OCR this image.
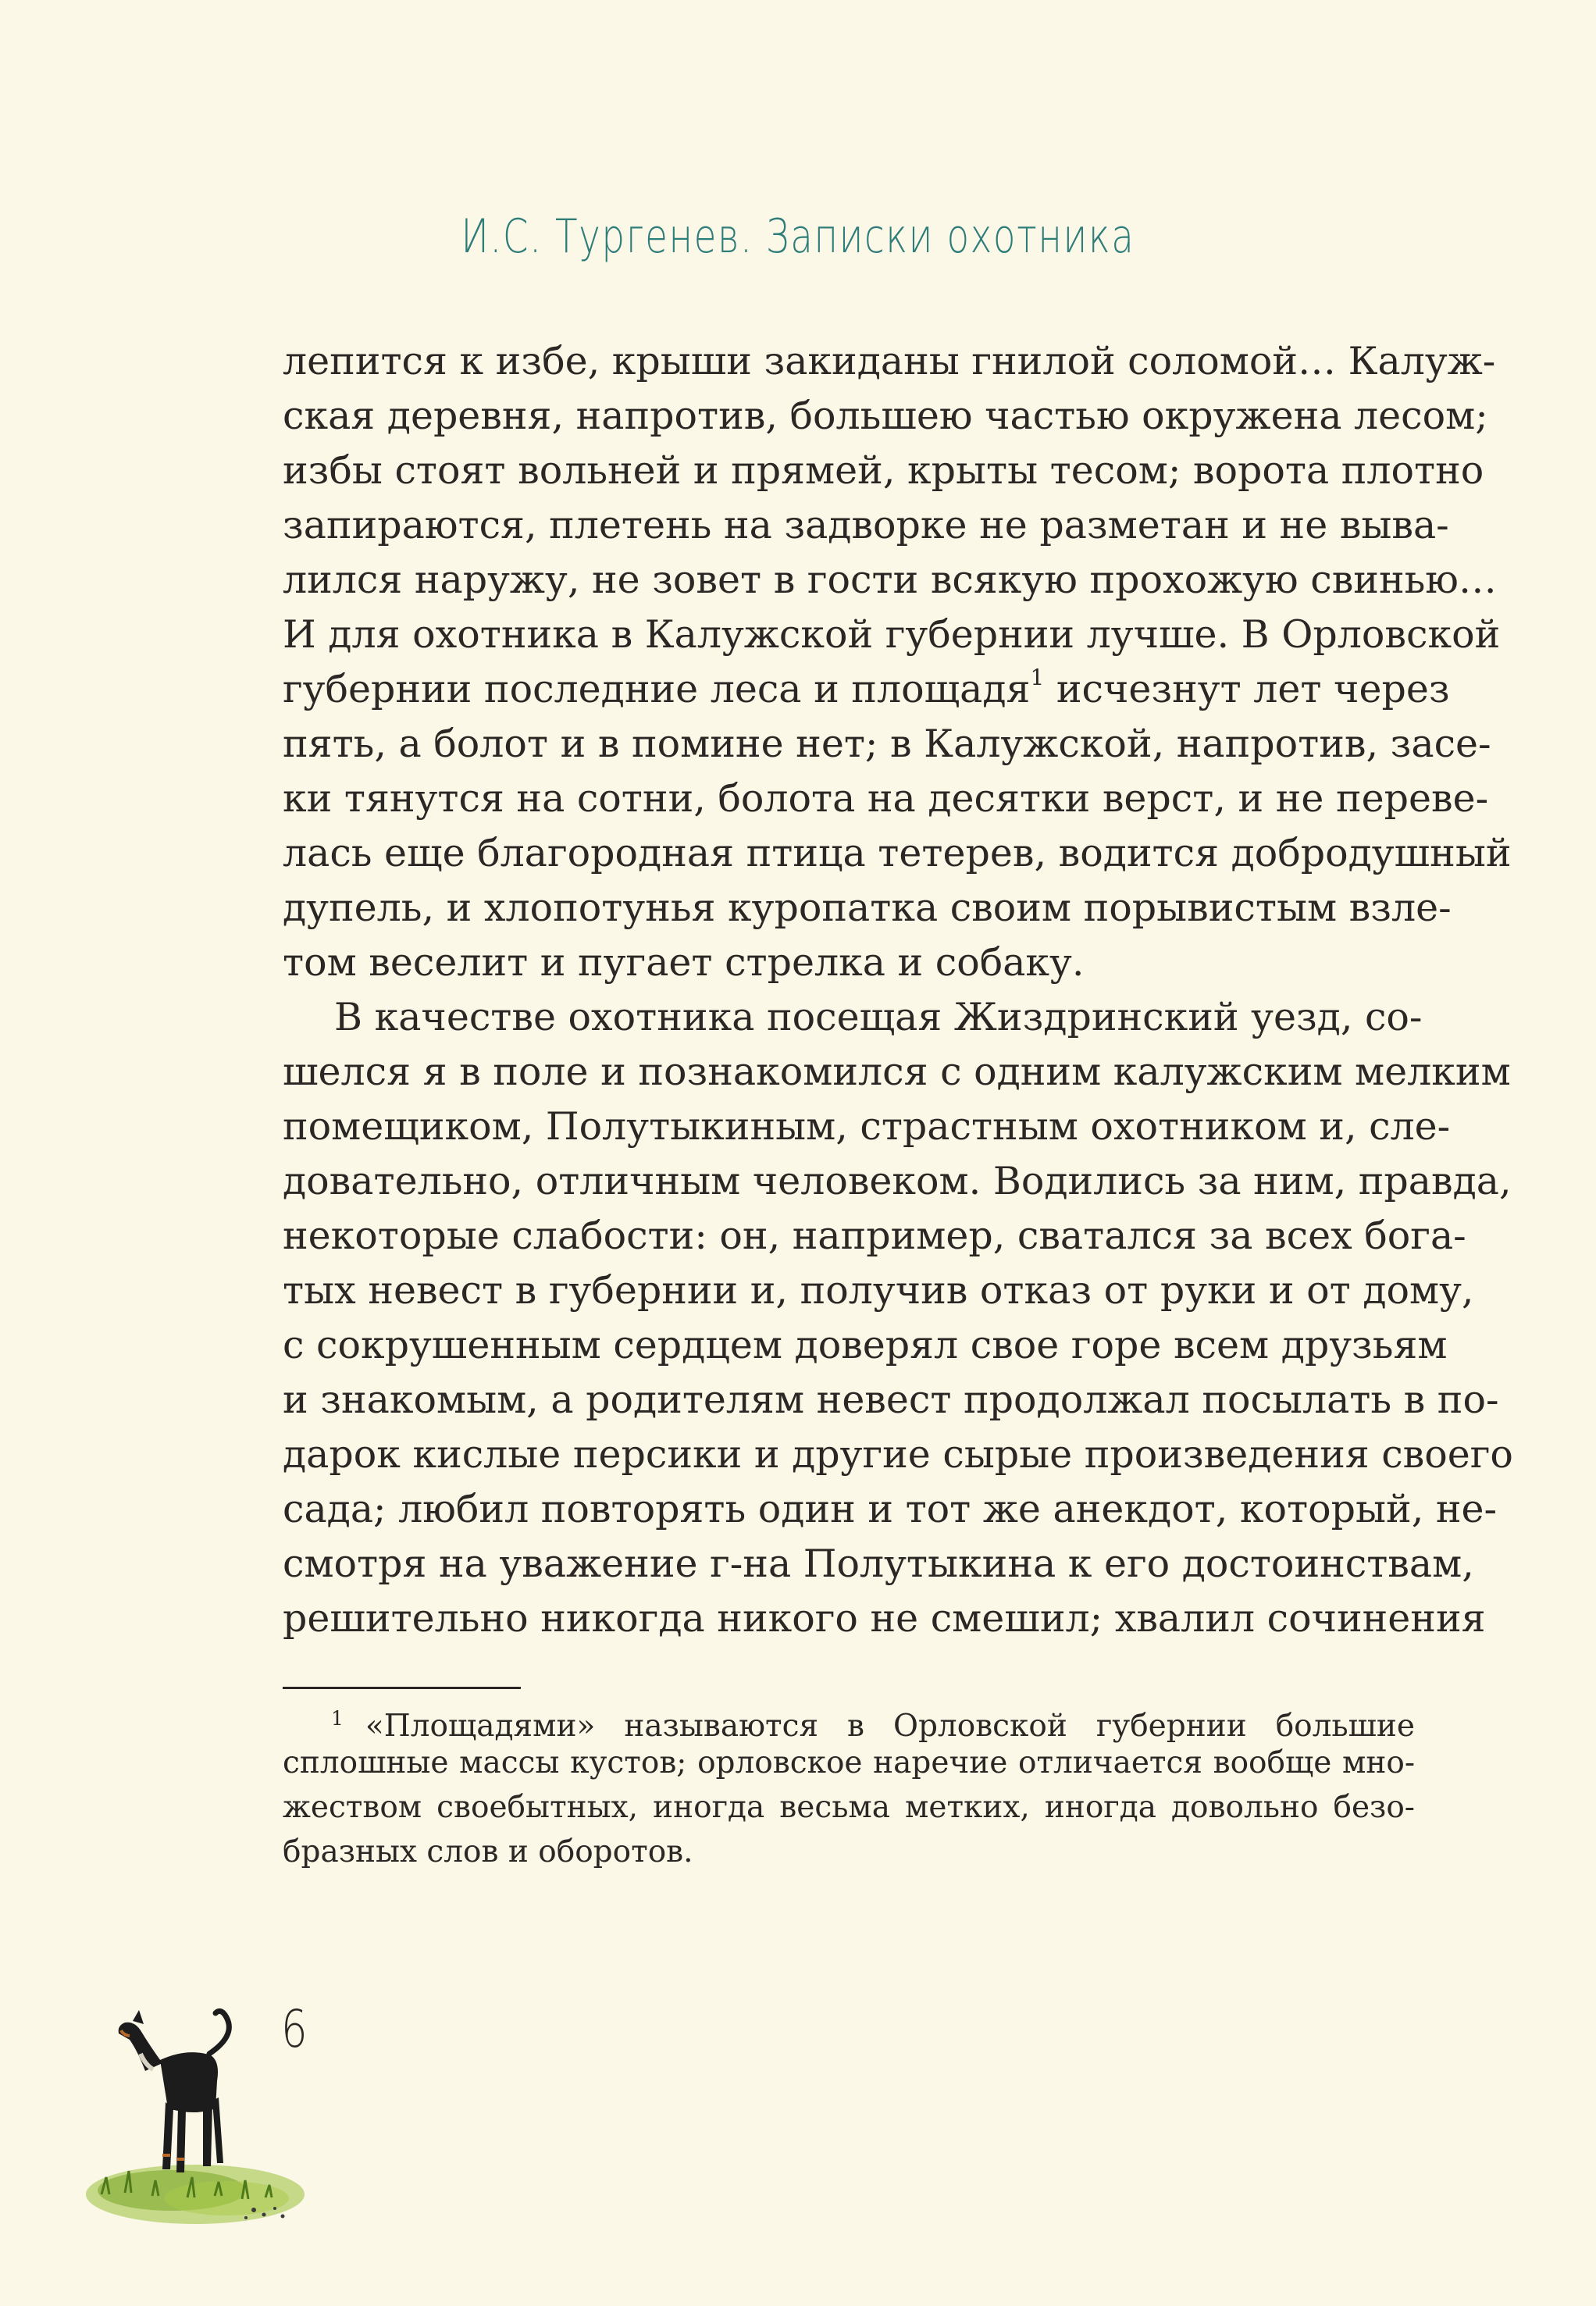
И.С. Тургенев. Записки охотника
лепится к избе, крыши закиданы гнилой соломой… Калуж-
ская деревня, напротив, большею частью окружена лесом;
избы стоят вольней и прямей, крыты тесом; ворота плотно
запираются, плетень на задворке не разметан и не выва-
лился наружу, не зовет в гости всякую прохожую свинью…
И для охотника в Калужской губернии лучше. В Орловской
губернии последние леса и площадя$^1$ исчезнут лет через
пять, а болот и в помине нет; в Калужской, напротив, засе-
ки тянутся на сотни, болота на десятки верст, и не переве-
лась еще благородная птица тетерев, водится добродушный
дупель, и хлопотунья куропатка своим порывистым взле-
том веселит и пугает стрелка и собаку.
В качестве охотника посещая Жиздринский уезд, со-
шелся я в поле и познакомился с одним калужским мелким
помещиком, Полутыкиным, страстным охотником и, сле-
довательно, отличным человеком. Водились за ним, правда,
некоторые слабости: он, например, сватался за всех бога-
тых невест в губернии и, получив отказ от руки и от дому,
с сокрушенным сердцем доверял свое горе всем друзьям
и знакомым, а родителям невест продолжал посылать в по-
дарок кислые персики и другие сырые произведения своего
сада; любил повторять один и тот же анекдот, который, не-
смотря на уважение г-на Полутыкина к его достоинствам,
решительно никогда никого не смешил; хвалил сочинения
$^1$ «Площадями» называются в Орловской губернии большие
сплошные массы кустов; орловское наречие отличается вообще мно-
жеством своебытных, иногда весьма метких, иногда довольно безо-
бразных слов и оборотов.
6
